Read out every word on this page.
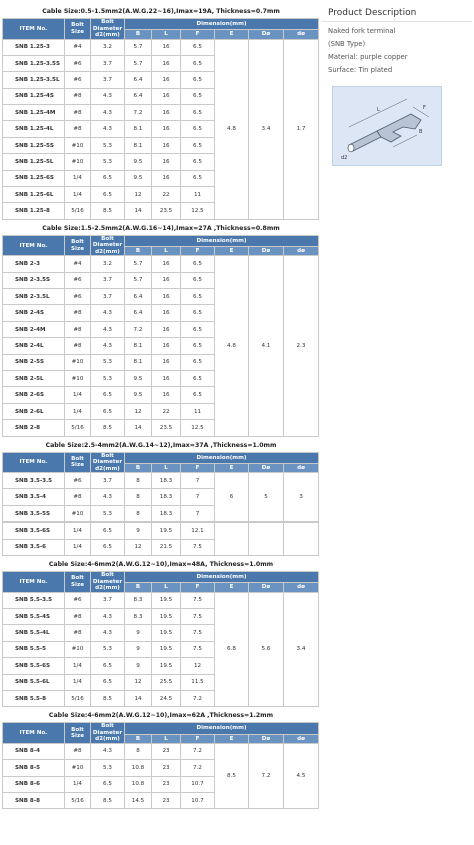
Cable Size:0.5-1.5mm2(A.W.G.22~16),Imax=19A, Thickness=0.7mm
ITEM No.	Bolt Size	Bolt Diameter d2(mm)	Dimension(mm)					
			B	L	F	E	Dø	dø
SNB 1.25-3	#4	3.2	5.7	16	6.5	4.8	3.4	1.7
SNB 1.25-3.5S	#6	3.7	5.7	16	6.5			
SNB 1.25-3.5L	#6	3.7	6.4	16	6.5			
SNB 1.25-4S	#8	4.3	6.4	16	6.5			
SNB 1.25-4M	#8	4.3	7.2	16	6.5			
SNB 1.25-4L	#8	4.3	8.1	16	6.5			
SNB 1.25-5S	#10	5.3	8.1	16	6.5			
SNB 1.25-5L	#10	5.3	9.5	16	6.5			
SNB 1.25-6S	1/4	6.5	9.5	16	6.5			
SNB 1.25-6L	1/4	6.5	12	22	11			
SNB 1.25-8	5/16	8.5	14	23.5	12.5			
Cable Size:1.5-2.5mm2(A.W.G.16~14),Imax=27A ,Thickness=0.8mm
ITEM No.	Bolt Size	Bolt Diameter d2(mm)	Dimension(mm)					
			B	L	F	E	Dø	dø
SNB 2-3	#4	3.2	5.7	16	6.5	4.8	4.1	2.3
SNB 2-3.5S	#6	3.7	5.7	16	6.5			
SNB 2-3.5L	#6	3.7	6.4	16	6.5			
SNB 2-4S	#8	4.3	6.4	16	6.5			
SNB 2-4M	#8	4.3	7.2	16	6.5			
SNB 2-4L	#8	4.3	8.1	16	6.5			
SNB 2-5S	#10	5.3	8.1	16	6.5			
SNB 2-5L	#10	5.3	9.5	16	6.5			
SNB 2-6S	1/4	6.5	9.5	16	6.5			
SNB 2-6L	1/4	6.5	12	22	11			
SNB 2-8	5/16	8.5	14	23.5	12.5			
Cable Size:2.5-4mm2(A.W.G.14~12),Imax=37A ,Thickness=1.0mm
ITEM No.	Bolt Size	Bolt Diameter d2(mm)	Dimension(mm)					
			B	L	F	E	Dø	dø
SNB 3.5-3.5	#6	3.7	8	18.3	7	6	5	3
SNB 3.5-4	#8	4.3	8	18.3	7			
SNB 3.5-5S	#10	5.3	8	18.3	7			
SNB 3.5-6S	1/4	6.5	9	19.5	12.1			
SNB 3.5-6	1/4	6.5	12	21.5	7.5			
Cable Size:4-6mm2(A.W.G.12~10),Imax=48A, Thickness=1.0mm
ITEM No.	Bolt Size	Bolt Diameter d2(mm)	Dimension(mm)					
			B	L	F	E	Dø	dø
SNB 5.5-3.5	#6	3.7	8.3	19.5	7.5	6.8	5.6	3.4
SNB 5.5-4S	#8	4.3	8.3	19.5	7.5			
SNB 5.5-4L	#8	4.3	9	19.5	7.5			
SNB 5.5-5	#10	5.3	9	19.5	7.5			
SNB 5.5-6S	1/4	6.5	9	19.5	12			
SNB 5.5-6L	1/4	6.5	12	25.5	11.5			
SNB 5.5-8	5/16	8.5	14	24.5	7.2			
Cable Size:4-6mm2(A.W.G.12~10),Imax=62A ,Thickness=1.2mm
ITEM No.	Bolt Size	Bolt Diameter d2(mm)	Dimension(mm)					
			B	L	F	E	Dø	dø
SNB 8-4	#8	4.3	8	23	7.2	8.5	7.2	4.5
SNB 8-5	#10	5.3	10.8	23	7.2			
SNB 8-6	1/4	6.5	10.8	23	10.7			
SNB 8-8	5/16	8.5	14.5	23	10.7			
Product Description
Naked fork terminal
(SNB Type)
Material: purple copper
Surface: Tin plated
L	F
d2
B
